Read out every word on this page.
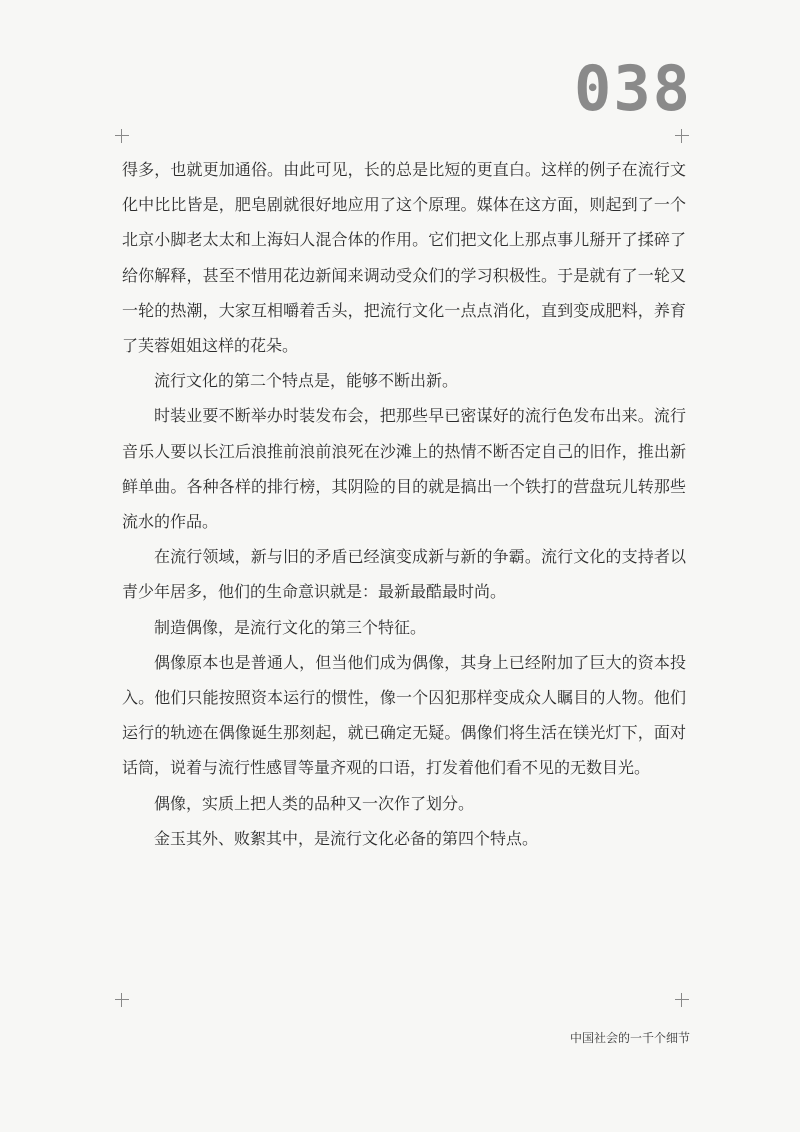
038

得多，也就更加通俗。由此可见，长的总是比短的更直白。这样的例子在流行文化中比比皆是，肥皂剧就很好地应用了这个原理。媒体在这方面，则起到了一个北京小脚老太太和上海妇人混合体的作用。它们把文化上那点事儿掰开了揉碎了给你解释，甚至不惜用花边新闻来调动受众们的学习积极性。于是就有了一轮又一轮的热潮，大家互相嚼着舌头，把流行文化一点点消化，直到变成肥料，养育了芙蓉姐姐这样的花朵。

流行文化的第二个特点是，能够不断出新。

时装业要不断举办时装发布会，把那些早已密谋好的流行色发布出来。流行音乐人要以长江后浪推前浪前浪死在沙滩上的热情不断否定自己的旧作，推出新鲜单曲。各种各样的排行榜，其阴险的目的就是搞出一个铁打的营盘玩儿转那些流水的作品。

在流行领域，新与旧的矛盾已经演变成新与新的争霸。流行文化的支持者以青少年居多，他们的生命意识就是：最新最酷最时尚。

制造偶像，是流行文化的第三个特征。

偶像原本也是普通人，但当他们成为偶像，其身上已经附加了巨大的资本投入。他们只能按照资本运行的惯性，像一个囚犯那样变成众人瞩目的人物。他们运行的轨迹在偶像诞生那刻起，就已确定无疑。偶像们将生活在镁光灯下，面对话筒，说着与流行性感冒等量齐观的口语，打发着他们看不见的无数目光。

偶像，实质上把人类的品种又一次作了划分。

金玉其外、败絮其中，是流行文化必备的第四个特点。

中国社会的一千个细节
